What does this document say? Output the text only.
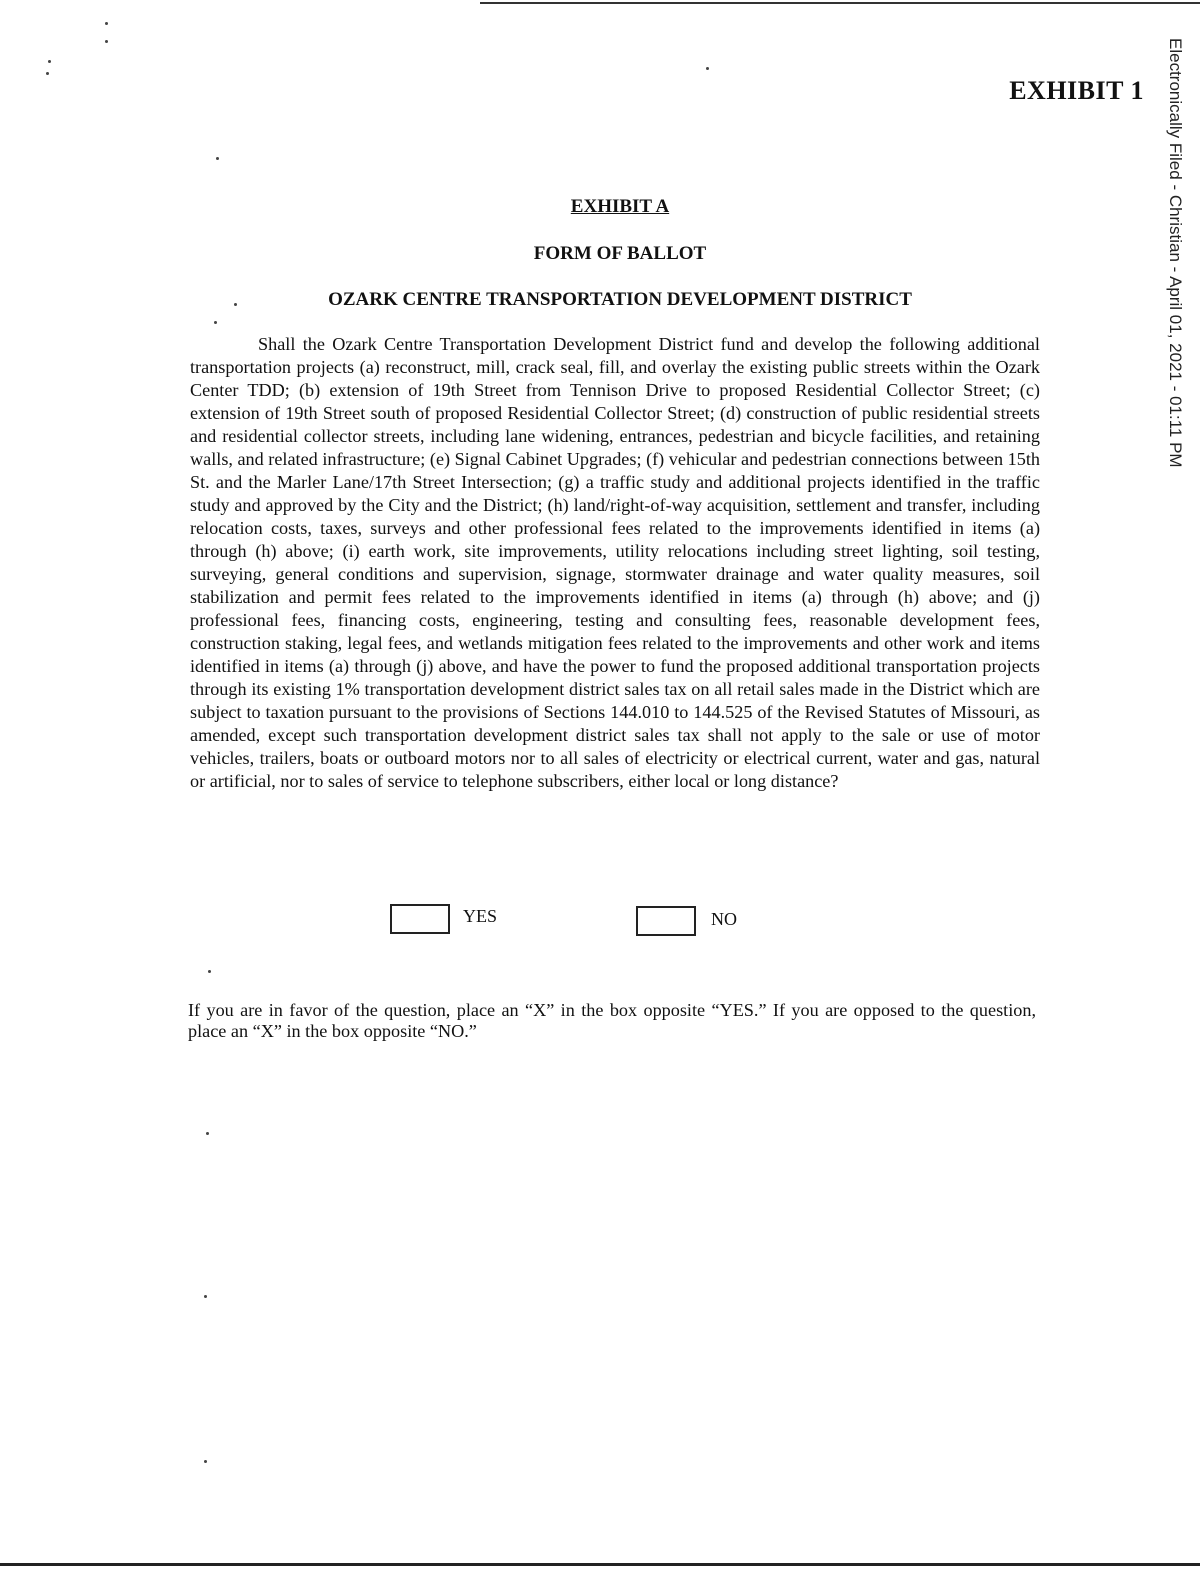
EXHIBIT 1	Electronically Filed - Christian - April 01, 2021 - 01:11 PM
EXHIBIT A
FORM OF BALLOT
OZARK CENTRE TRANSPORTATION DEVELOPMENT DISTRICT

Shall the Ozark Centre Transportation Development District fund and develop the following additional transportation projects (a) reconstruct, mill, crack seal, fill, and overlay the existing public streets within the Ozark Center TDD; (b) extension of 19th Street from Tennison Drive to proposed Residential Collector Street; (c) extension of 19th Street south of proposed Residential Collector Street; (d) construction of public residential streets and residential collector streets, including lane widening, entrances, pedestrian and bicycle facilities, and retaining walls, and related infrastructure; (e) Signal Cabinet Upgrades; (f) vehicular and pedestrian connections between 15th St. and the Marler Lane/17th Street Intersection; (g) a traffic study and additional projects identified in the traffic study and approved by the City and the District; (h) land/right-of-way acquisition, settlement and transfer, including relocation costs, taxes, surveys and other professional fees related to the improvements identified in items (a) through (h) above; (i) earth work, site improvements, utility relocations including street lighting, soil testing, surveying, general conditions and supervision, signage, stormwater drainage and water quality measures, soil stabilization and permit fees related to the improvements identified in items (a) through (h) above; and (j) professional fees, financing costs, engineering, testing and consulting fees, reasonable development fees, construction staking, legal fees, and wetlands mitigation fees related to the improvements and other work and items identified in items (a) through (j) above, and have the power to fund the proposed additional transportation projects through its existing 1% transportation development district sales tax on all retail sales made in the District which are subject to taxation pursuant to the provisions of Sections 144.010 to 144.525 of the Revised Statutes of Missouri, as amended, except such transportation development district sales tax shall not apply to the sale or use of motor vehicles, trailers, boats or outboard motors nor to all sales of electricity or electrical current, water and gas, natural or artificial, nor to sales of service to telephone subscribers, either local or long distance?

YES	NO

If you are in favor of the question, place an “X” in the box opposite “YES.” If you are opposed to the question, place an “X” in the box opposite “NO.”
